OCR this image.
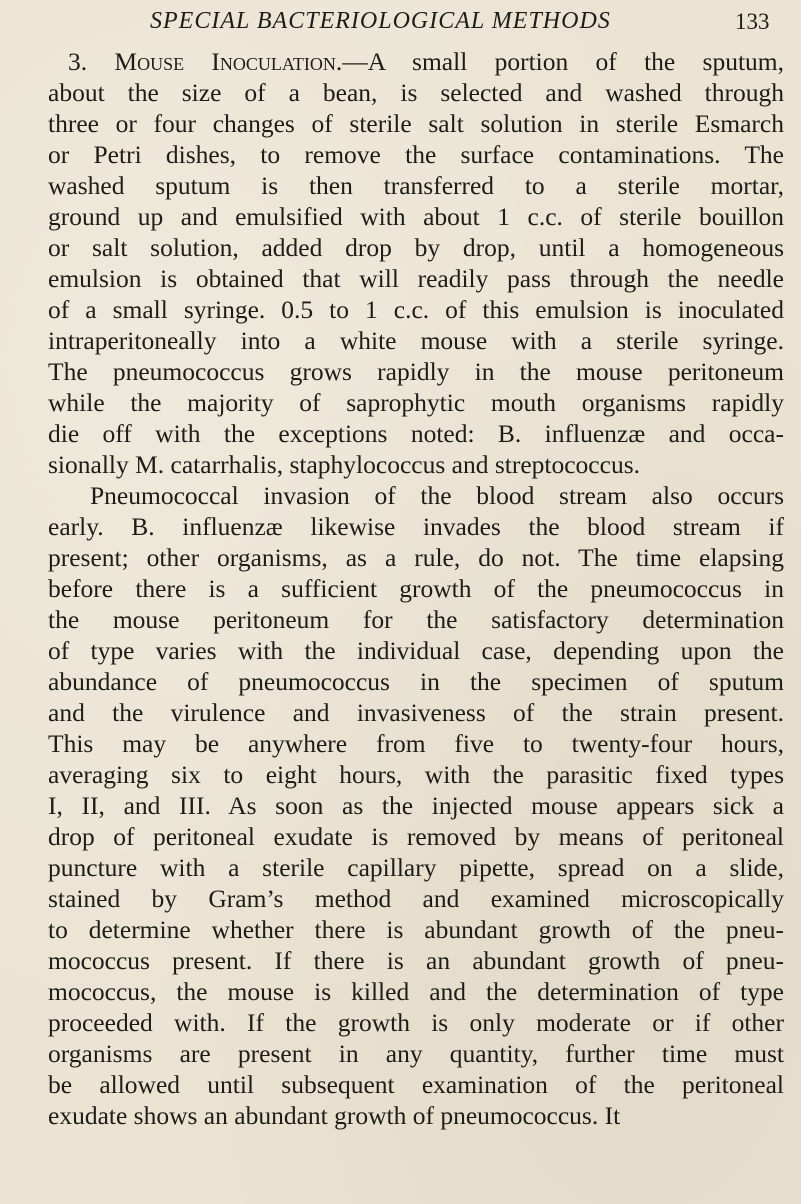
SPECIAL BACTERIOLOGICAL METHODS	133
3. Mouse Inoculation.—A small portion of the sputum,
about the size of a bean, is selected and washed through
three or four changes of sterile salt solution in sterile Esmarch
or Petri dishes, to remove the surface contaminations. The
washed sputum is then transferred to a sterile mortar,
ground up and emulsified with about 1 c.c. of sterile bouillon
or salt solution, added drop by drop, until a homogeneous
emulsion is obtained that will readily pass through the needle
of a small syringe. 0.5 to 1 c.c. of this emulsion is inoculated
intraperitoneally into a white mouse with a sterile syringe.
The pneumococcus grows rapidly in the mouse peritoneum
while the majority of saprophytic mouth organisms rapidly
die off with the exceptions noted: B. influenzæ and occa-
sionally M. catarrhalis, staphylococcus and streptococcus.
Pneumococcal invasion of the blood stream also occurs
early. B. influenzæ likewise invades the blood stream if
present; other organisms, as a rule, do not. The time elapsing
before there is a sufficient growth of the pneumococcus in
the mouse peritoneum for the satisfactory determination
of type varies with the individual case, depending upon the
abundance of pneumococcus in the specimen of sputum
and the virulence and invasiveness of the strain present.
This may be anywhere from five to twenty-four hours,
averaging six to eight hours, with the parasitic fixed types
I, II, and III. As soon as the injected mouse appears sick a
drop of peritoneal exudate is removed by means of peritoneal
puncture with a sterile capillary pipette, spread on a slide,
stained by Gram’s method and examined microscopically
to determine whether there is abundant growth of the pneu-
mococcus present. If there is an abundant growth of pneu-
mococcus, the mouse is killed and the determination of type
proceeded with. If the growth is only moderate or if other
organisms are present in any quantity, further time must
be allowed until subsequent examination of the peritoneal
exudate shows an abundant growth of pneumococcus. It
